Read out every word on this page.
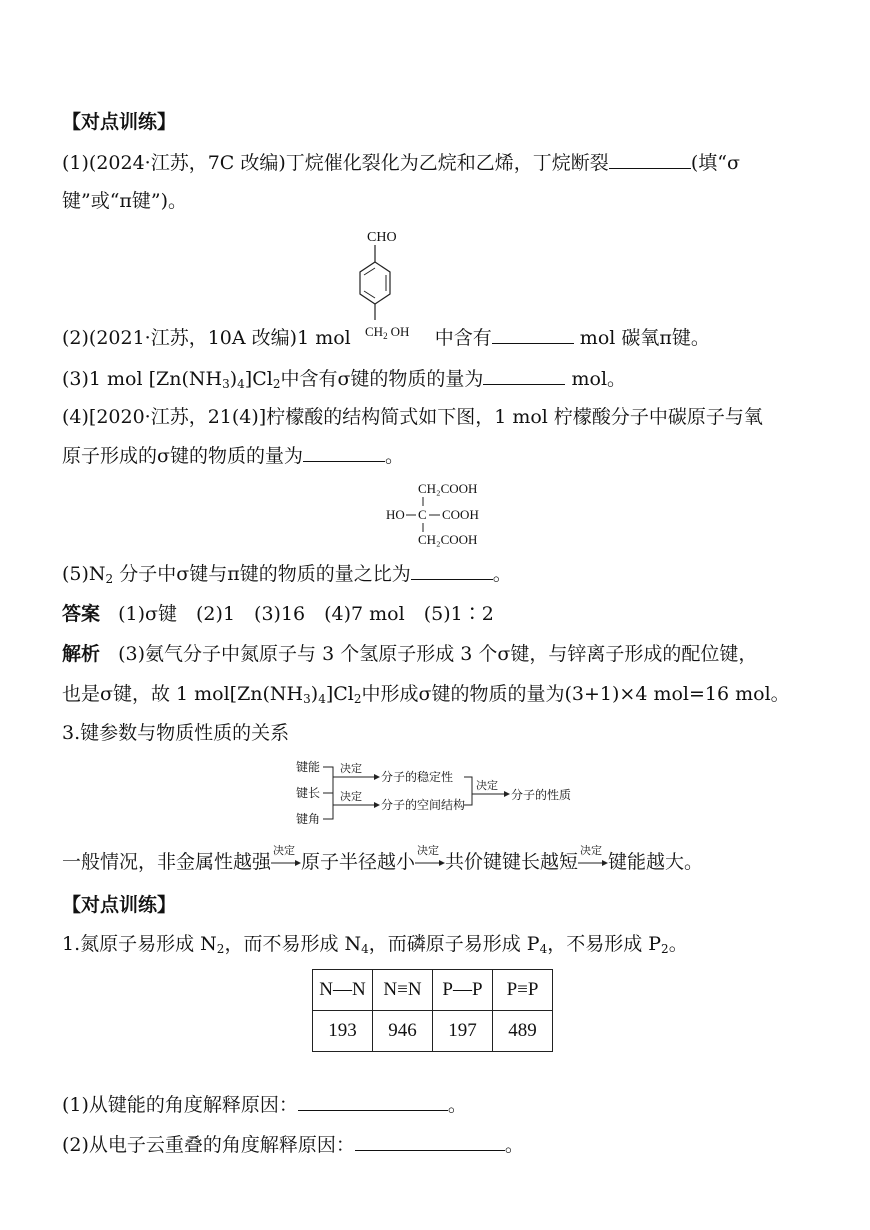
【对点训练】
(1)(2024·江苏，7C 改编)丁烷催化裂化为乙烷和乙烯，丁烷断裂	(填“σ
键”或“π键”)。
CHO
$CH_2$ OH
(2)(2021·江苏，10A 改编)1 mol	中含有	mol 碳氧π键。
(3)1 mol $[Zn(NH_3)_4]Cl_2$中含有σ键的物质的量为	mol。
(4)[2020·江苏，21(4)]柠檬酸的结构简式如下图，1 mol 柠檬酸分子中碳原子与氧
原子形成的σ键的物质的量为	。
CH₂COOH
HO C COOH
CH₂COOH
$(5)N_2$ 分子中σ键与π键的物质的量之比为	。
答案 (1)σ键　(2)1　(3)16　(4)7 mol　(5)1∶2
解析 (3)氨气分子中氮原子与 3 个氢原子形成 3 个σ键，与锌离子形成的配位键，
也是σ键，故 1 $mol[Zn(NH_3)_4]Cl_2$中形成σ键的物质的量为(3+1)×4 mol=16 mol。
3.键参数与物质性质的关系
键能
键长
键角
决定
分子的稳定性
决定
分子的空间结构
决定
分子的性质
一般情况，非金属性越强
决定
原子半径越小
决定
共价键键长越短
决定
键能越大。
【对点训练】
1.氮原子易形成 $N_2$，而不易形成 $N_4$，而磷原子易形成 $P_4$，不易形成 $P_2$。
N—N	N≡N	P—P	P≡P
193	946	197	489
(1)从键能的角度解释原因：	。
(2)从电子云重叠的角度解释原因：	。
